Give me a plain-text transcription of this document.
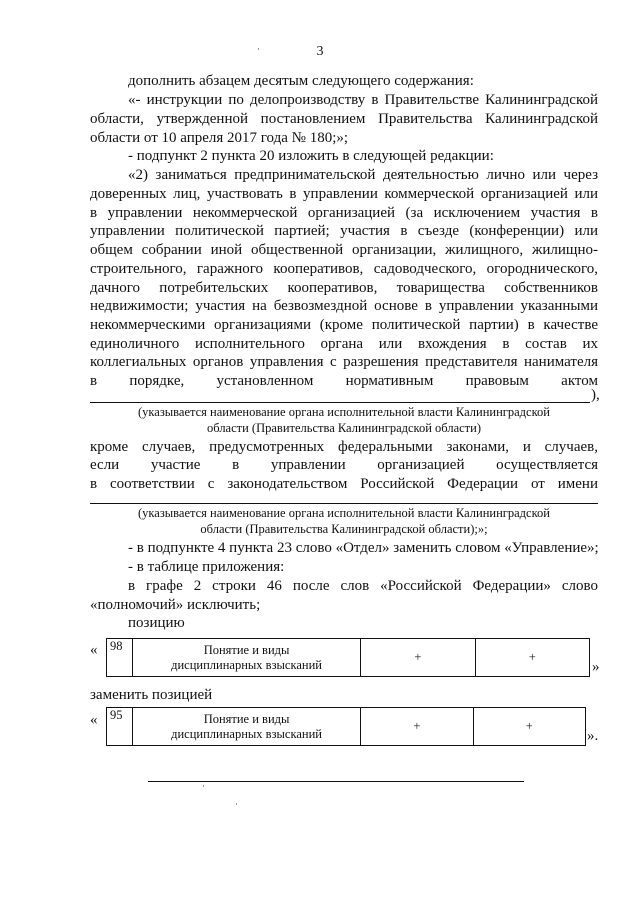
3
дополнить абзацем десятым следующего содержания:
«- инструкции по делопроизводству в Правительстве Калининградской
области, утвержденной постановлением Правительства Калининградской
области от 10 апреля 2017 года № 180;»;
- подпункт 2 пункта 20 изложить в следующей редакции:
«2) заниматься предпринимательской деятельностью лично или через
доверенных лиц, участвовать в управлении коммерческой организацией или
в управлении некоммерческой организацией (за исключением участия в
управлении политической партией; участия в съезде (конференции) или
общем собрании иной общественной организации, жилищного, жилищно-
строительного, гаражного кооперативов, садоводческого, огороднического,
дачного потребительских кооперативов, товарищества собственников
недвижимости; участия на безвозмездной основе в управлении указанными
некоммерческими организациями (кроме политической партии) в качестве
единоличного исполнительного органа или вхождения в состав их
коллегиальных органов управления с разрешения представителя нанимателя
в порядке, установленном нормативным правовым актом
),
(указывается наименование органа исполнительной власти Калининградской
области (Правительства Калининградской области)
кроме случаев, предусмотренных федеральными законами, и случаев,
если участие в управлении организацией осуществляется
в соответствии с законодательством Российской Федерации от имени
(указывается наименование органа исполнительной власти Калининградской
области (Правительства Калининградской области);»;
- в подпункте 4 пункта 23 слово «Отдел» заменить словом «Управление»;
- в таблице приложения:
в графе 2 строки 46 после слов «Российской Федерации» слово
«полномочий» исключить;
позицию
« 98	Понятие и виды
дисциплинарных взысканий
	+	+
»
заменить позицией
« 95	Понятие и виды
дисциплинарных взысканий
	+	+
».
